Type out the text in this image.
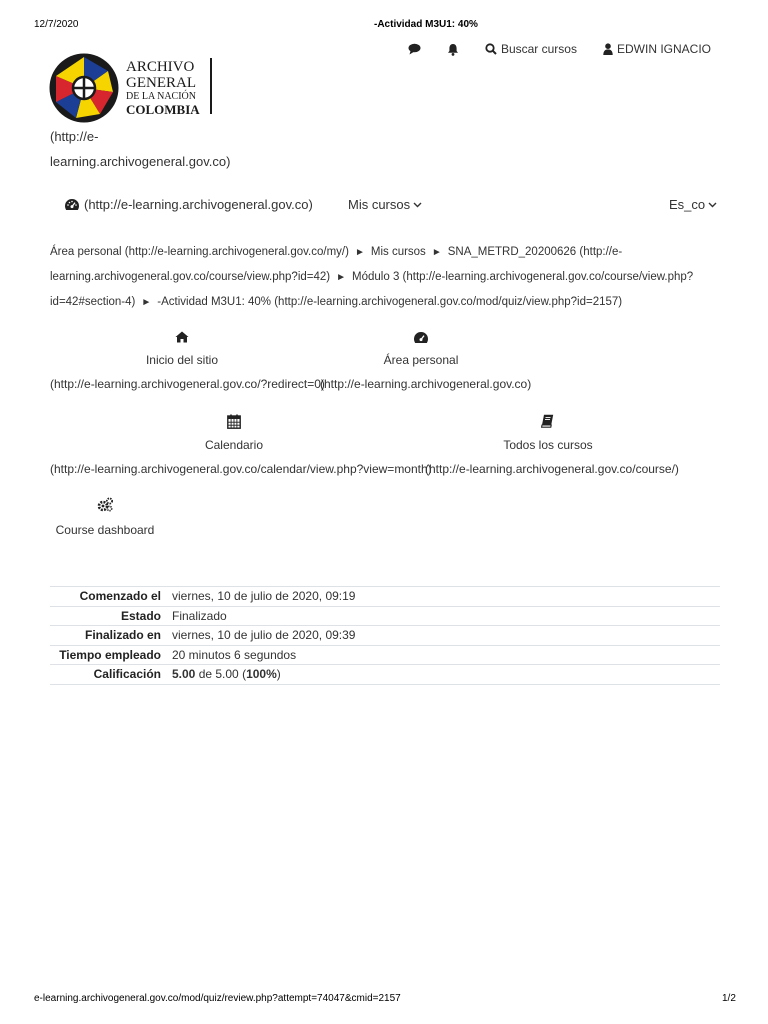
12/7/2020	-Actividad M3U1: 40%
Buscar cursos	EDWIN IGNACIO
ARCHIVO
GENERAL
DE LA NACIÓN
COLOMBIA
(http://e-learning.archivogeneral.gov.co)
(http://e-learning.archivogeneral.gov.co)	Mis cursos	Es_co
Área personal (http://e-learning.archivogeneral.gov.co/my/) ► Mis cursos ► SNA_METRD_20200626 (http://e-learning.archivogeneral.gov.co/course/view.php?id=42) ► Módulo 3 (http://e-learning.archivogeneral.gov.co/course/view.php?id=42#section-4) ► -Actividad M3U1: 40% (http://e-learning.archivogeneral.gov.co/mod/quiz/view.php?id=2157)
Inicio del sitio
(http://e-learning.archivogeneral.gov.co/?redirect=0)
Área personal
(http://e-learning.archivogeneral.gov.co)
Calendario
(http://e-learning.archivogeneral.gov.co/calendar/view.php?view=month)
Todos los cursos
(http://e-learning.archivogeneral.gov.co/course/)
Course dashboard
Comenzado el	viernes, 10 de julio de 2020, 09:19
Estado	Finalizado
Finalizado en	viernes, 10 de julio de 2020, 09:39
Tiempo empleado	20 minutos 6 segundos
Calificación	5.00 de 5.00 (100%)
e-learning.archivogeneral.gov.co/mod/quiz/review.php?attempt=74047&cmid=2157	1/2
